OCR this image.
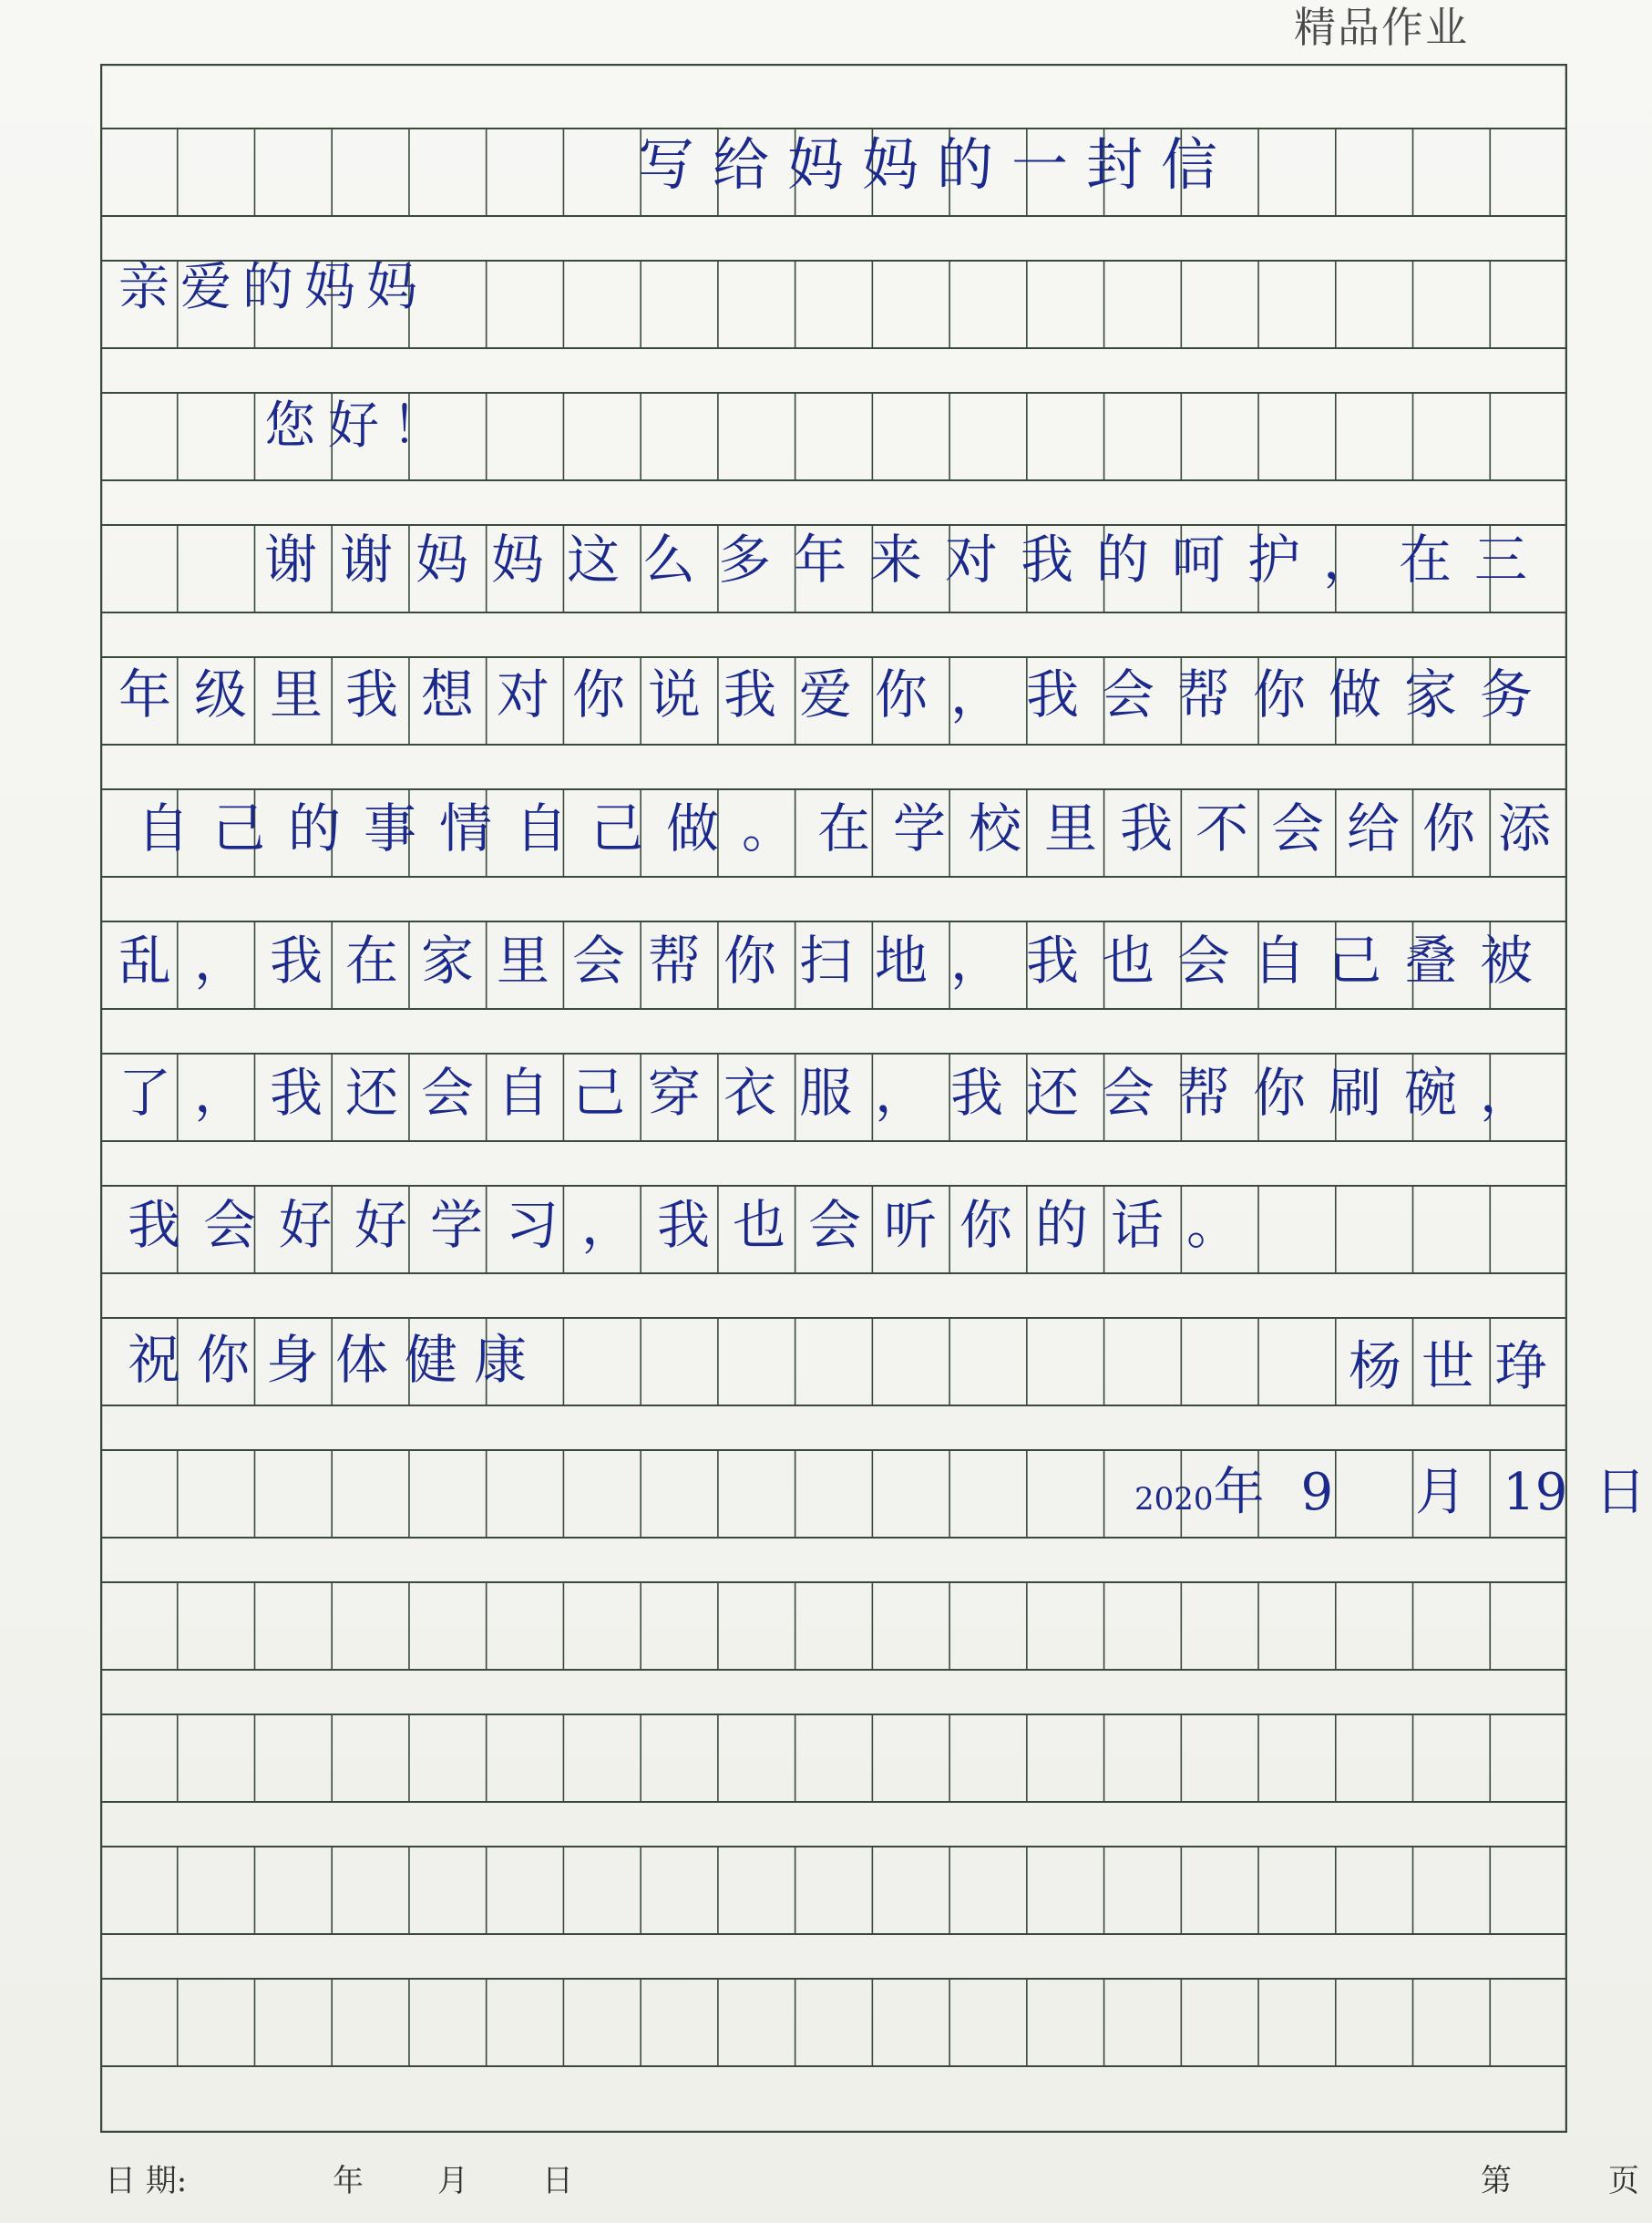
精品作业
写给妈妈的一封信
亲爱的妈妈
您好！
谢谢妈妈这么多年来对我的呵护，在三
年级里我想对你说我爱你，我会帮你做家务
自己的事情自己做。在学校里我不会给你添
乱，我在家里会帮你扫地，我也会自己叠被
了，我还会自己穿衣服，我还会帮你刷碗，
我会好好学习，我也会听你的话。
祝你身体健康	杨世琤
2020年 9 月 19 日
日 期:	年 月 日	第	页
